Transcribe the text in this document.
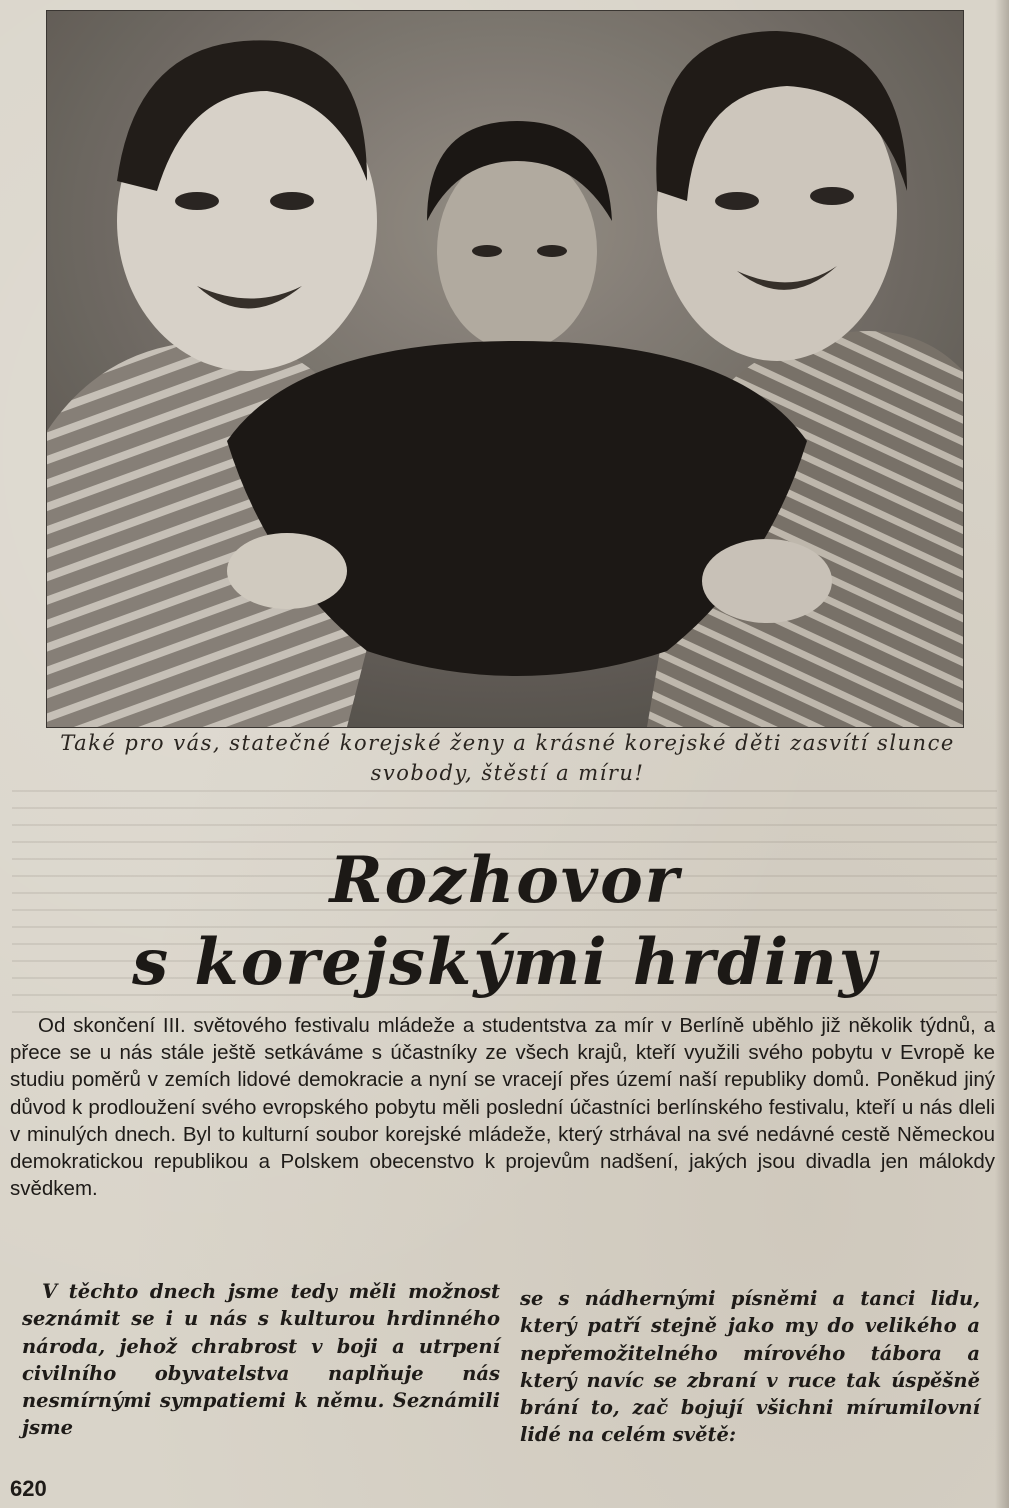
Také pro vás, statečné korejské ženy a krásné korejské děti zasvítí slunce
svobody, štěstí a míru!
Rozhovor
s korejskými hrdiny

Od skončení III. světového festivalu mládeže a studentstva za mír v Berlíně uběhlo již několik týdnů, a přece se u nás stále ještě setkáváme s účastníky ze všech krajů, kteří využili svého pobytu v Evropě ke studiu poměrů v zemích lidové demokracie a nyní se vracejí přes území naší republiky domů. Poněkud jiný důvod k prodloužení svého evropského pobytu měli poslední účastníci berlínského festivalu, kteří u nás dleli v minulých dnech. Byl to kulturní soubor korejské mládeže, který strhával na své nedávné cestě Německou demokratickou republikou a Polskem obecenstvo k projevům nadšení, jakých jsou divadla jen málokdy svědkem.

V těchto dnech jsme tedy měli možnost seznámit se i u nás s kulturou hrdinného národa, jehož chrabrost v boji a utrpení civilního obyvatelstva naplňuje nás nesmírnými sympatiemi k němu. Seznámili jsme

se s nádhernými písněmi a tanci lidu, který patří stejně jako my do velikého a nepřemožitelného mírového tábora a který navíc se zbraní v ruce tak úspěšně brání to, zač bojují všichni mírumilovní lidé na celém světě:

620
